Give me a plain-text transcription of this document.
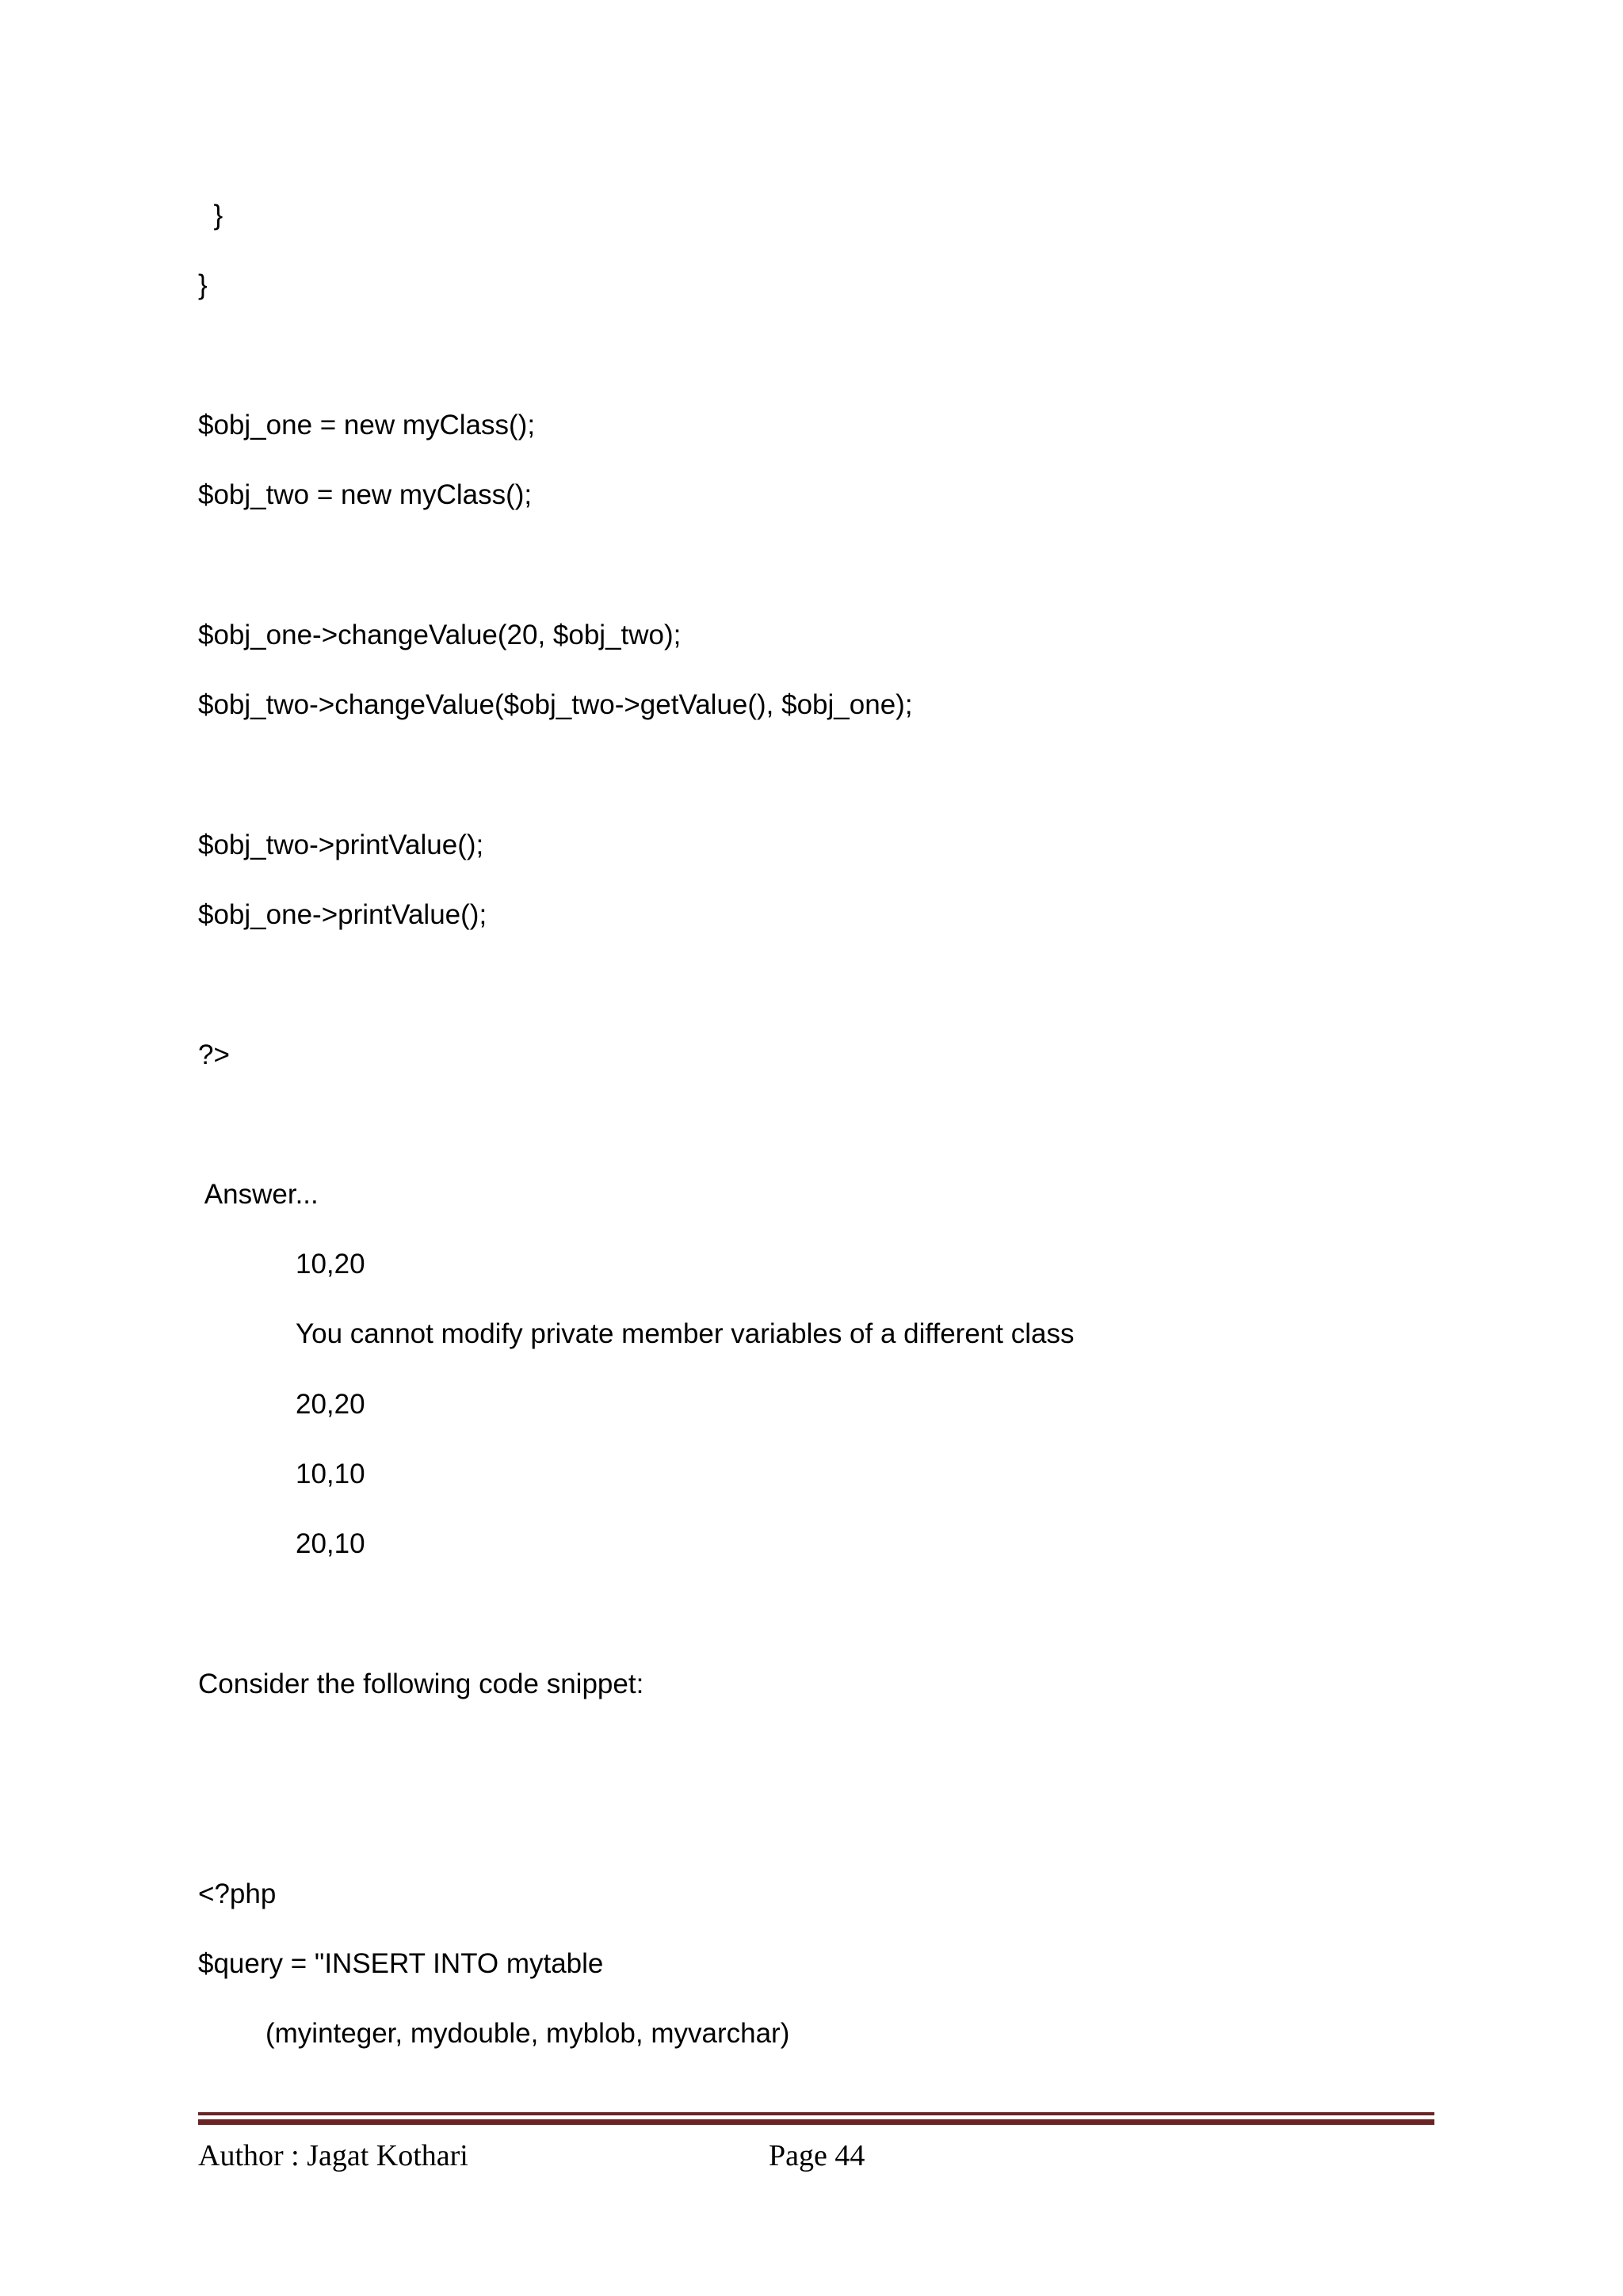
}
}
$obj_one = new myClass();
$obj_two = new myClass();
$obj_one->changeValue(20, $obj_two);
$obj_two->changeValue($obj_two->getValue(), $obj_one);
$obj_two->printValue();
$obj_one->printValue();
?>
Answer...
10,20
You cannot modify private member variables of a different class
20,20
10,10
20,10
Consider the following code snippet:
<?php
$query = "INSERT INTO mytable
(myinteger, mydouble, myblob, myvarchar)
Author : Jagat Kothari	Page 44
